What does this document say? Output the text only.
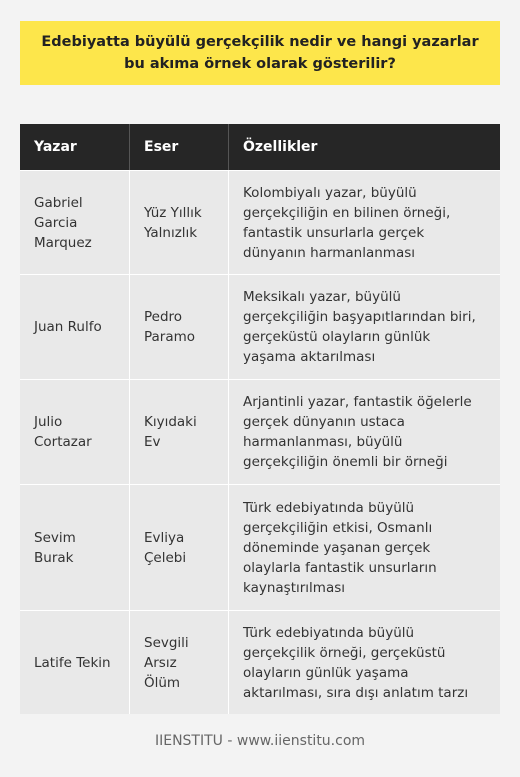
Edebiyatta büyülü gerçekçilik nedir ve hangi yazarlar bu akıma örnek olarak gösterilir?
Yazar	Eser	Özellikler
Gabriel Garcia Marquez
Yüz Yıllık Yalnızlık
Kolombiyalı yazar, büyülü gerçekçiliğin en bilinen örneği, fantastik unsurlarla gerçek dünyanın harmanlanması
Juan Rulfo
Pedro Paramo
Meksikalı yazar, büyülü gerçekçiliğin başyapıtlarından biri, gerçeküstü olayların günlük yaşama aktarılması
Julio Cortazar
Kıyıdaki Ev
Arjantinli yazar, fantastik öğelerle gerçek dünyanın ustaca harmanlanması, büyülü gerçekçiliğin önemli bir örneği
Sevim Burak
Evliya Çelebi
Türk edebiyatında büyülü gerçekçiliğin etkisi, Osmanlı döneminde yaşanan gerçek olaylarla fantastik unsurların kaynaştırılması
Latife Tekin
Sevgili Arsız Ölüm
Türk edebiyatında büyülü gerçekçilik örneği, gerçeküstü olayların günlük yaşama aktarılması, sıra dışı anlatım tarzı
IIENSTITU - www.iienstitu.com
